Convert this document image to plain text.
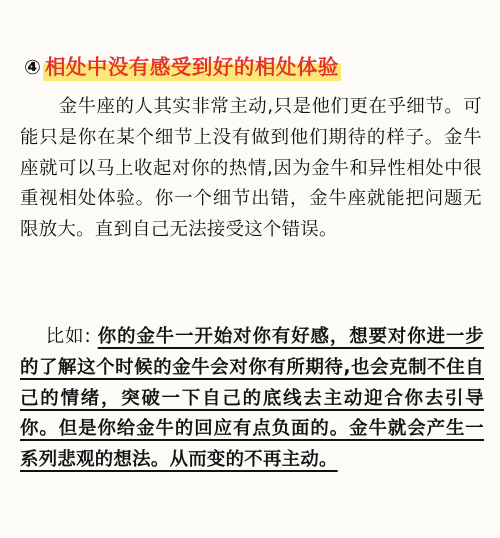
④ 相处中没有感受到好的相处体验

金牛座的人其实非常主动,只是他们更在乎细节。可能只是你在某个细节上没有做到他们期待的样子。金牛座就可以马上收起对你的热情,因为金牛和异性相处中很重视相处体验。你一个细节出错，金牛座就能把问题无限放大。直到自己无法接受这个错误。

比如: 你的金牛一开始对你有好感，想要对你进一步的了解这个时候的金牛会对你有所期待,也会克制不住自己的情绪，突破一下自己的底线去主动迎合你去引导你。但是你给金牛的回应有点负面的。金牛就会产生一系列悲观的想法。从而变的不再主动。
